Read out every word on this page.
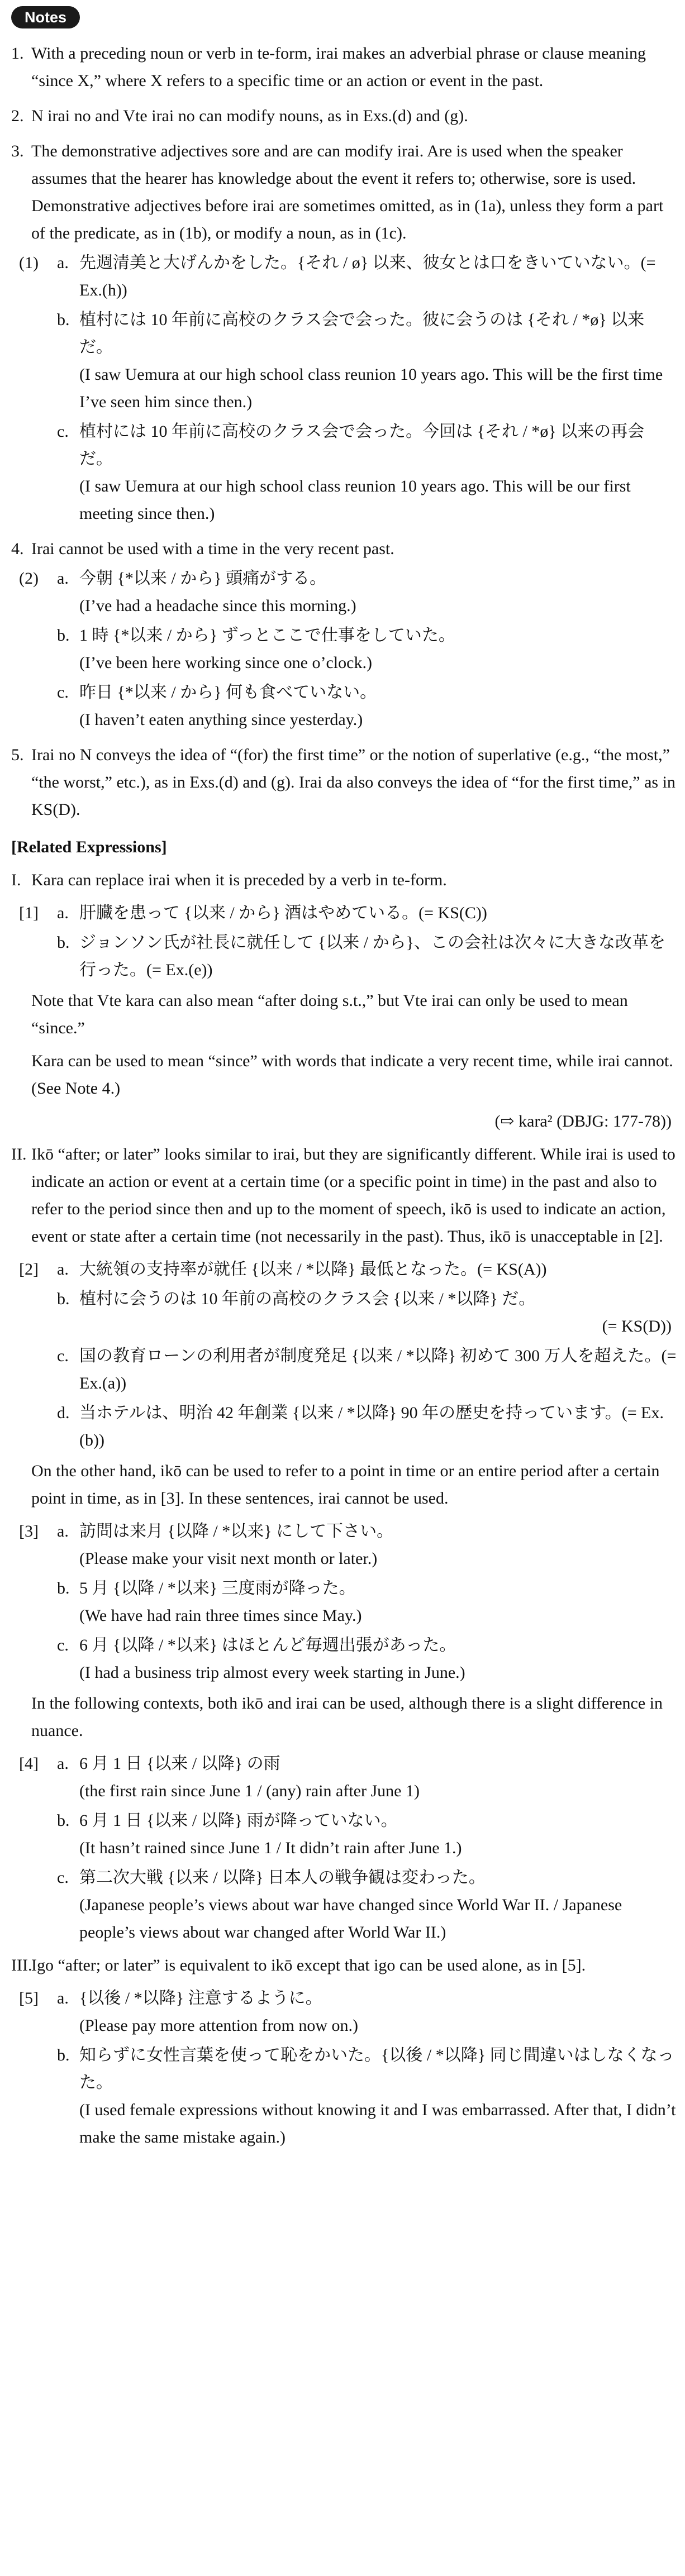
Notes
1. With a preceding noun or verb in te-form, irai makes an adverbial phrase or clause meaning “since X,” where X refers to a specific time or an action or event in the past.
2. N irai no and Vte irai no can modify nouns, as in Exs.(d) and (g).
3. The demonstrative adjectives sore and are can modify irai. Are is used when the speaker assumes that the hearer has knowledge about the event it refers to; otherwise, sore is used. Demonstrative adjectives before irai are sometimes omitted, as in (1a), unless they form a part of the predicate, as in (1b), or modify a noun, as in (1c).
(1) a. 先週清美と大げんかをした。{それ / ø} 以来、彼女とは口をきいていない。(= Ex.(h))
b. 植村には 10 年前に高校のクラス会で会った。彼に会うのは {それ / *ø} 以来だ。
(I saw Uemura at our high school class reunion 10 years ago. This will be the first time I’ve seen him since then.)
c. 植村には 10 年前に高校のクラス会で会った。今回は {それ / *ø} 以来の再会だ。
(I saw Uemura at our high school class reunion 10 years ago. This will be our first meeting since then.)
4. Irai cannot be used with a time in the very recent past.
(2) a. 今朝 {*以来 / から} 頭痛がする。
(I’ve had a headache since this morning.)
b. 1 時 {*以来 / から} ずっとここで仕事をしていた。
(I’ve been here working since one o’clock.)
c. 昨日 {*以来 / から} 何も食べていない。
(I haven’t eaten anything since yesterday.)
5. Irai no N conveys the idea of “(for) the first time” or the notion of superlative (e.g., “the most,” “the worst,” etc.), as in Exs.(d) and (g). Irai da also conveys the idea of “for the first time,” as in KS(D).
[Related Expressions]
I. Kara can replace irai when it is preceded by a verb in te-form.
[1] a. 肝臓を患って {以来 / から} 酒はやめている。(= KS(C))
b. ジョンソン氏が社長に就任して {以来 / から}、この会社は次々に大きな改革を行った。(= Ex.(e))
Note that Vte kara can also mean “after doing s.t.,” but Vte irai can only be used to mean “since.”
Kara can be used to mean “since” with words that indicate a very recent time, while irai cannot. (See Note 4.)
(⇨ kara² (DBJG: 177-78))
II. Ikō “after; or later” looks similar to irai, but they are significantly different. While irai is used to indicate an action or event at a certain time (or a specific point in time) in the past and also to refer to the period since then and up to the moment of speech, ikō is used to indicate an action, event or state after a certain time (not necessarily in the past). Thus, ikō is unacceptable in [2].
[2] a. 大統領の支持率が就任 {以来 / *以降} 最低となった。(= KS(A))
b. 植村に会うのは 10 年前の高校のクラス会 {以来 / *以降} だ。
(= KS(D))
c. 国の教育ローンの利用者が制度発足 {以来 / *以降} 初めて 300 万人を超えた。(= Ex.(a))
d. 当ホテルは、明治 42 年創業 {以来 / *以降} 90 年の歴史を持っています。(= Ex.(b))
On the other hand, ikō can be used to refer to a point in time or an entire period after a certain point in time, as in [3]. In these sentences, irai cannot be used.
[3] a. 訪問は来月 {以降 / *以来} にして下さい。
(Please make your visit next month or later.)
b. 5 月 {以降 / *以来} 三度雨が降った。
(We have had rain three times since May.)
c. 6 月 {以降 / *以来} はほとんど毎週出張があった。
(I had a business trip almost every week starting in June.)
In the following contexts, both ikō and irai can be used, although there is a slight difference in nuance.
[4] a. 6 月 1 日 {以来 / 以降} の雨
(the first rain since June 1 / (any) rain after June 1)
b. 6 月 1 日 {以来 / 以降} 雨が降っていない。
(It hasn’t rained since June 1 / It didn’t rain after June 1.)
c. 第二次大戦 {以来 / 以降} 日本人の戦争観は変わった。
(Japanese people’s views about war have changed since World War II. / Japanese people’s views about war changed after World War II.)
III.
Igo “after; or later” is equivalent to ikō except that igo can be used alone, as in [5].
[5] a. {以後 / *以降} 注意するように。
(Please pay more attention from now on.)
b. 知らずに女性言葉を使って恥をかいた。{以後 / *以降} 同じ間違いはしなくなった。
(I used female expressions without knowing it and I was embarrassed. After that, I didn’t make the same mistake again.)
